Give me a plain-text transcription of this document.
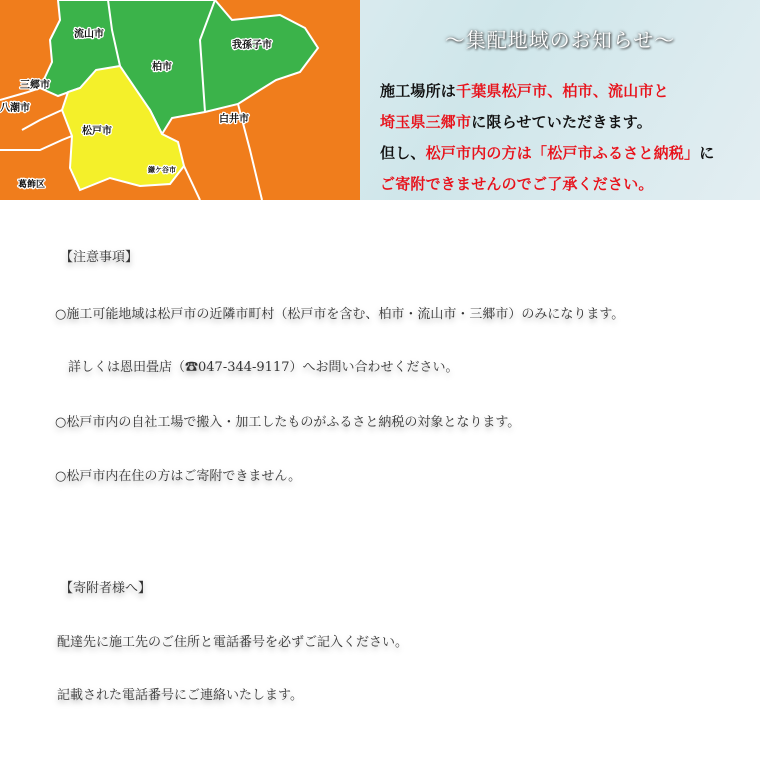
流山市
我孫子市
三郷市
柏市
八潮市
松戸市
白井市
鎌ケ谷市
葛飾区
〜集配地域のお知らせ〜
施工場所は千葉県松戸市、柏市、流山市と
埼玉県三郷市に限らせていただきます。
但し、松戸市内の方は「松戸市ふるさと納税」に
ご寄附できませんのでご了承ください。
【注意事項】
○施工可能地域は松戸市の近隣市町村（松戸市を含む、柏市・流山市・三郷市）のみになります。
詳しくは恩田畳店（☎047-344-9117）へお問い合わせください。
○松戸市内の自社工場で搬入・加工したものがふるさと納税の対象となります。
○松戸市内在住の方はご寄附できません。
【寄附者様へ】
配達先に施工先のご住所と電話番号を必ずご記入ください。
記載された電話番号にご連絡いたします。
